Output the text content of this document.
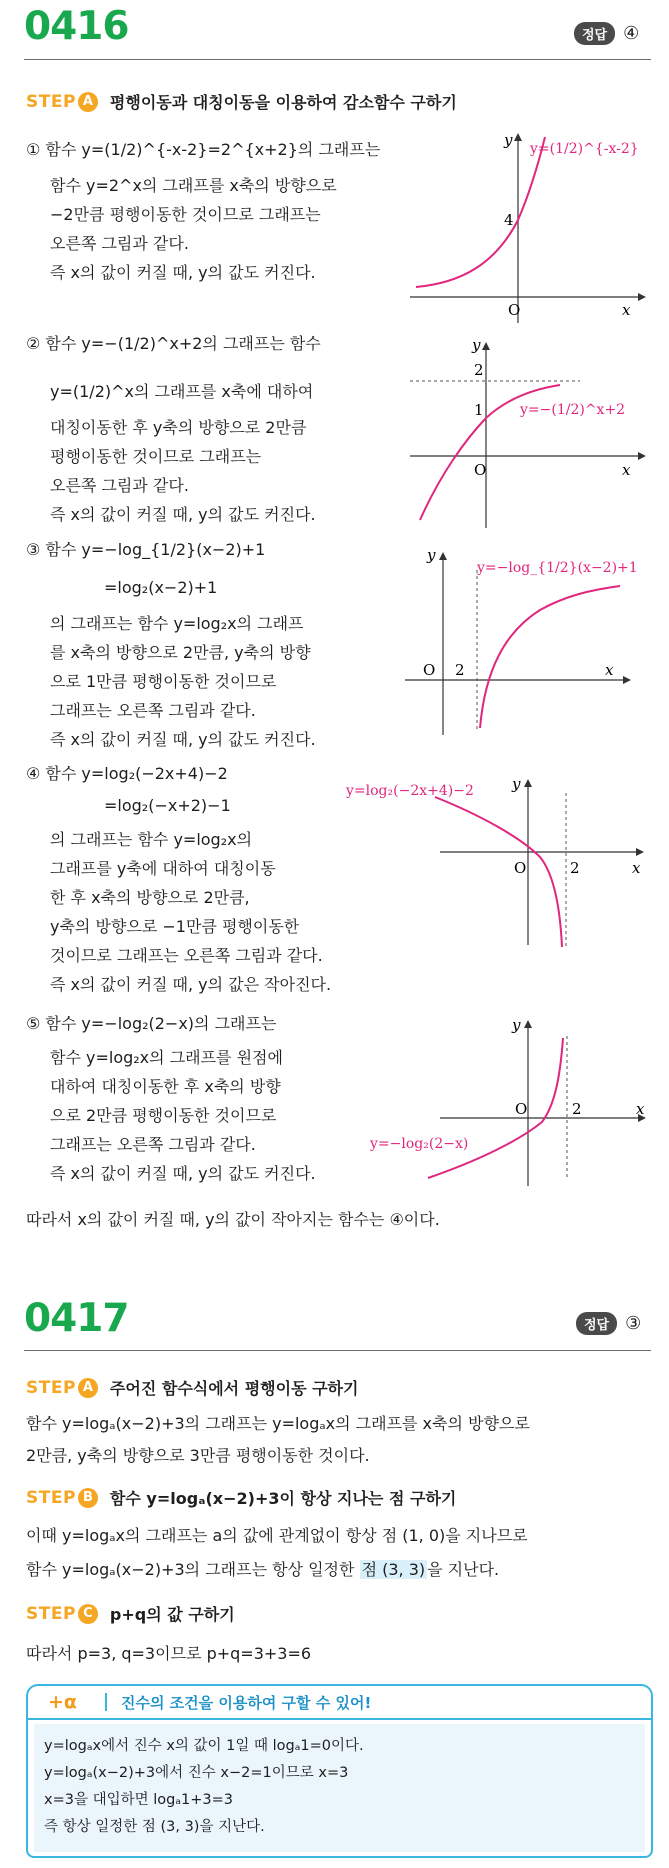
0416	정답 ④
STEP A	평행이동과 대칭이동을 이용하여 감소함수 구하기
① 함수 y=(1/2)^{-x-2}=2^{x+2}의 그래프는
함수 y=2^x의 그래프를 x축의 방향으로
−2만큼 평행이동한 것이므로 그래프는
오른쪽 그림과 같다.
즉 x의 값이 커질 때, y의 값도 커진다.
y
x
O
4
y=(1/2)^{-x-2}
② 함수 y=−(1/2)^x+2의 그래프는 함수
y=(1/2)^x의 그래프를 x축에 대하여
대칭이동한 후 y축의 방향으로 2만큼
평행이동한 것이므로 그래프는
오른쪽 그림과 같다.
즉 x의 값이 커질 때, y의 값도 커진다.
y
x
O
2
1	y=−(1/2)^x+2
③ 함수 y=−log_{1/2}(x−2)+1
=log₂(x−2)+1
의 그래프는 함수 y=log₂x의 그래프
를 x축의 방향으로 2만큼, y축의 방향
으로 1만큼 평행이동한 것이므로
그래프는 오른쪽 그림과 같다.
즉 x의 값이 커질 때, y의 값도 커진다.
y
x
O 2
y=−log_{1/2}(x−2)+1
④ 함수 y=log₂(−2x+4)−2
=log₂(−x+2)−1
의 그래프는 함수 y=log₂x의
그래프를 y축에 대하여 대칭이동
한 후 x축의 방향으로 2만큼,
y축의 방향으로 −1만큼 평행이동한
것이므로 그래프는 오른쪽 그림과 같다.
즉 x의 값이 커질 때, y의 값은 작아진다.
y
x
O	2
y=log₂(−2x+4)−2
⑤ 함수 y=−log₂(2−x)의 그래프는
함수 y=log₂x의 그래프를 원점에
대하여 대칭이동한 후 x축의 방향
으로 2만큼 평행이동한 것이므로
그래프는 오른쪽 그림과 같다.
즉 x의 값이 커질 때, y의 값도 커진다.
y
x
O	2
y=−log₂(2−x)
따라서 x의 값이 커질 때, y의 값이 작아지는 함수는 ④이다.
0417	정답 ③
STEP A	주어진 함수식에서 평행이동 구하기
함수 y=logₐ(x−2)+3의 그래프는 y=logₐx의 그래프를 x축의 방향으로
2만큼, y축의 방향으로 3만큼 평행이동한 것이다.
STEP B	함수 y=logₐ(x−2)+3이 항상 지나는 점 구하기
이때 y=logₐx의 그래프는 a의 값에 관계없이 항상 점 (1, 0)을 지나므로
함수 y=logₐ(x−2)+3의 그래프는 항상 일정한 점 (3, 3) 을 지난다.
STEP C	p+q의 값 구하기
따라서 p=3, q=3이므로 p+q=3+3=6
+α	진수의 조건을 이용하여 구할 수 있어!
y=logₐx에서 진수 x의 값이 1일 때 logₐ1=0이다.
y=logₐ(x−2)+3에서 진수 x−2=1이므로 x=3
x=3을 대입하면 logₐ1+3=3
즉 항상 일정한 점 (3, 3)을 지난다.
